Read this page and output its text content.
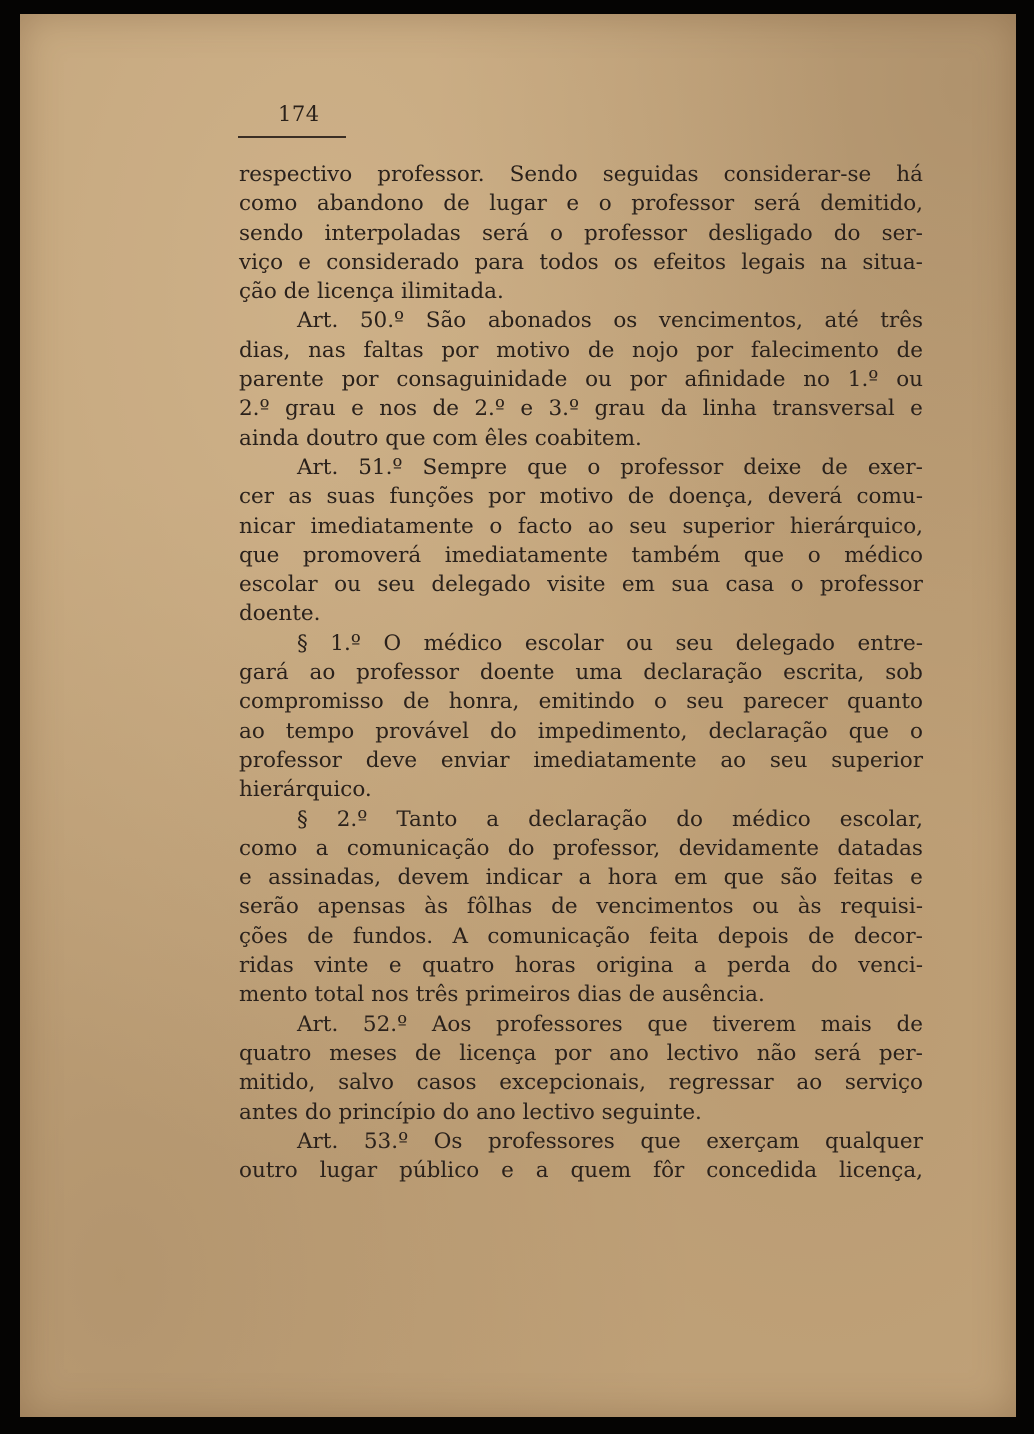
174
respectivo professor. Sendo seguidas considerar-se há
como abandono de lugar e o professor será demitido,
sendo interpoladas será o professor desligado do ser-
viço e considerado para todos os efeitos legais na situa-
ção de licença ilimitada.
Art. 50.º São abonados os vencimentos, até três
dias, nas faltas por motivo de nojo por falecimento de
parente por consaguinidade ou por afinidade no 1.º ou
2.º grau e nos de 2.º e 3.º grau da linha transversal e
ainda doutro que com êles coabitem.
Art. 51.º Sempre que o professor deixe de exer-
cer as suas funções por motivo de doença, deverá comu-
nicar imediatamente o facto ao seu superior hierárquico,
que promoverá imediatamente também que o médico
escolar ou seu delegado visite em sua casa o professor
doente.
§ 1.º O médico escolar ou seu delegado entre-
gará ao professor doente uma declaração escrita, sob
compromisso de honra, emitindo o seu parecer quanto
ao tempo provável do impedimento, declaração que o
professor deve enviar imediatamente ao seu superior
hierárquico.
§ 2.º Tanto a declaração do médico escolar,
como a comunicação do professor, devidamente datadas
e assinadas, devem indicar a hora em que são feitas e
serão apensas às fôlhas de vencimentos ou às requisi-
ções de fundos. A comunicação feita depois de decor-
ridas vinte e quatro horas origina a perda do venci-
mento total nos três primeiros dias de ausência.
Art. 52.º Aos professores que tiverem mais de
quatro meses de licença por ano lectivo não será per-
mitido, salvo casos excepcionais, regressar ao serviço
antes do princípio do ano lectivo seguinte.
Art. 53.º Os professores que exerçam qualquer
outro lugar público e a quem fôr concedida licença,
